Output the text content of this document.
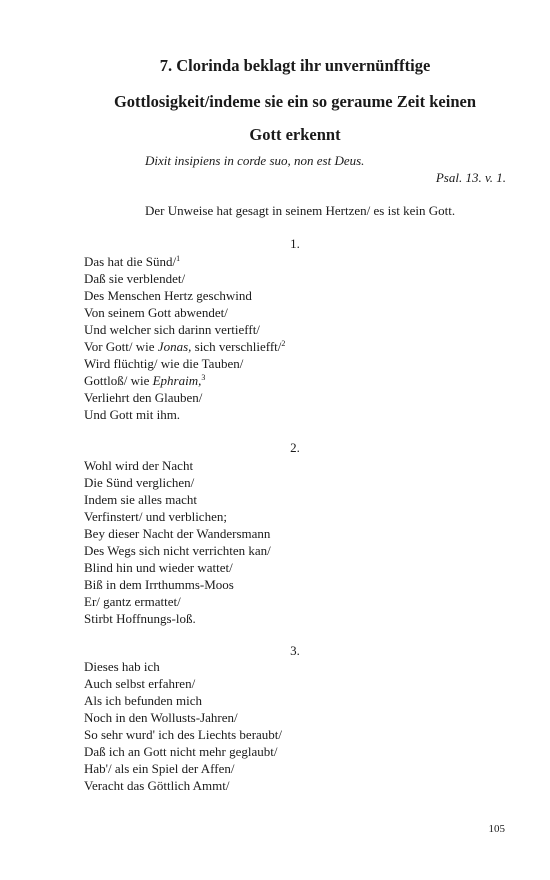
7. Clorinda beklagt ihr unvernünfftige
Gottlosigkeit/indeme sie ein so geraume Zeit keinen
Gott erkennt
Dixit insipiens in corde suo, non est Deus.
Psal. 13. v. 1.
Der Unweise hat gesagt in seinem Hertzen/ es ist kein Gott.
1.
Das hat die Sünd/$^1$
Daß sie verblendet/
Des Menschen Hertz geschwind
Von seinem Gott abwendet/
Und welcher sich darinn vertiefft/
Vor Gott/ wie Jonas, sich verschliefft/$^2$
Wird flüchtig/ wie die Tauben/
Gottloß/ wie Ephraim,$^3$
Verliehrt den Glauben/
Und Gott mit ihm.
2.
Wohl wird der Nacht
Die Sünd verglichen/
Indem sie alles macht
Verfinstert/ und verblichen;
Bey dieser Nacht der Wandersmann
Des Wegs sich nicht verrichten kan/
Blind hin und wieder wattet/
Biß in dem Irrthumms-Moos
Er/ gantz ermattet/
Stirbt Hoffnungs-loß.
3.
Dieses hab ich
Auch selbst erfahren/
Als ich befunden mich
Noch in den Wollusts-Jahren/
So sehr wurd' ich des Liechts beraubt/
Daß ich an Gott nicht mehr geglaubt/
Hab'/ als ein Spiel der Affen/
Veracht das Göttlich Ammt/
105
